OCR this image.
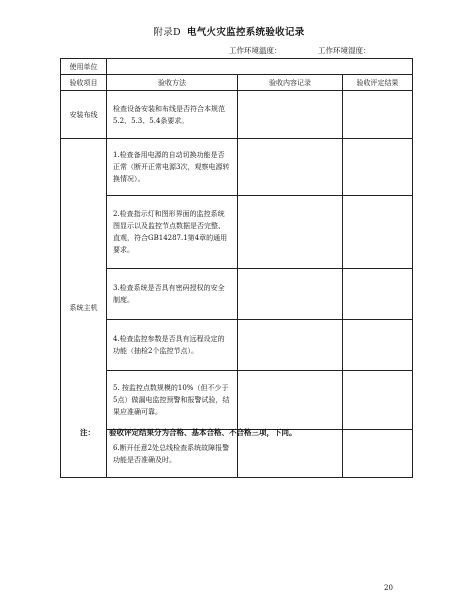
附录D 电气火灾监控系统验收记录
工作环境温度：	工作环境湿度：
使用单位			
验收项目	验收方法	验收内容记录	验收评定结果
安装布线	检查设备安装和布线是否符合本规范5.2、5.3、5.4条要求。		
系统主机	1.检查备用电源的自动切换功能是否正常（断开正常电源3次，观察电源转换情况）。		
	2.检查指示灯和图形界面的监控系统图显示以及监控节点数据是否完整、直观，符合GB14287.1第4章的通用要求。		
	3.检查系统是否具有密码授权的安全制度。		
	4.检查监控参数是否具有远程设定的功能（抽检2个监控节点）。		
	5. 按监控点数规模的10%（但不少于5点）做漏电监控预警和报警试验，结果应准确可靠。		
	6.断开任意2处总线检查系统故障报警功能是否准确及时。		
注： 验收评定结果分为合格、基本合格、不合格三项，下同。
20
